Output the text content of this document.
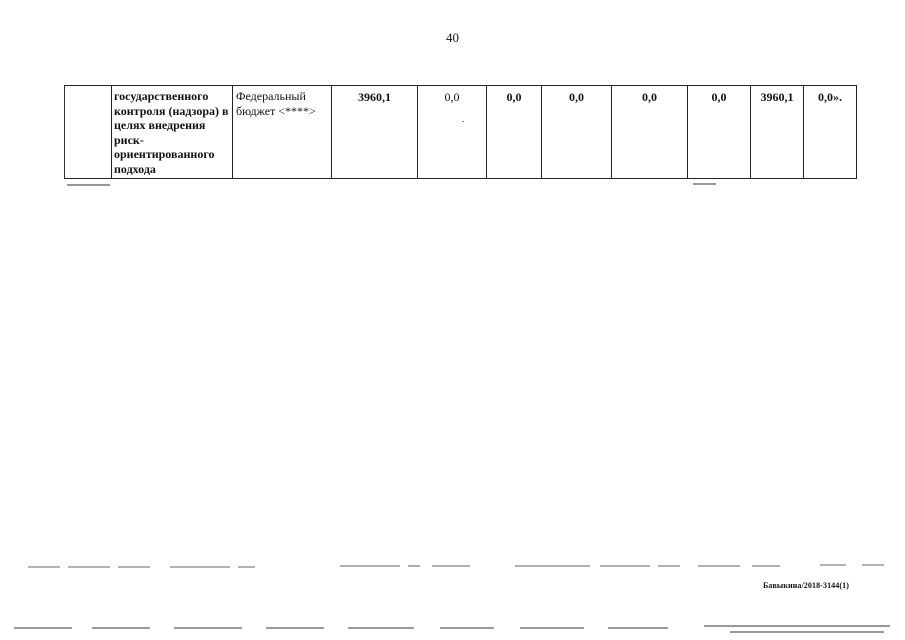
40
	государственного контроля (надзора) в целях внедрения риск-ориентированного подхода	Федеральный бюджет <****>	3960,1	0,0	0,0	0,0	0,0	0,0	3960,1	0,0».
Бавыкина/2018-3144(1)
